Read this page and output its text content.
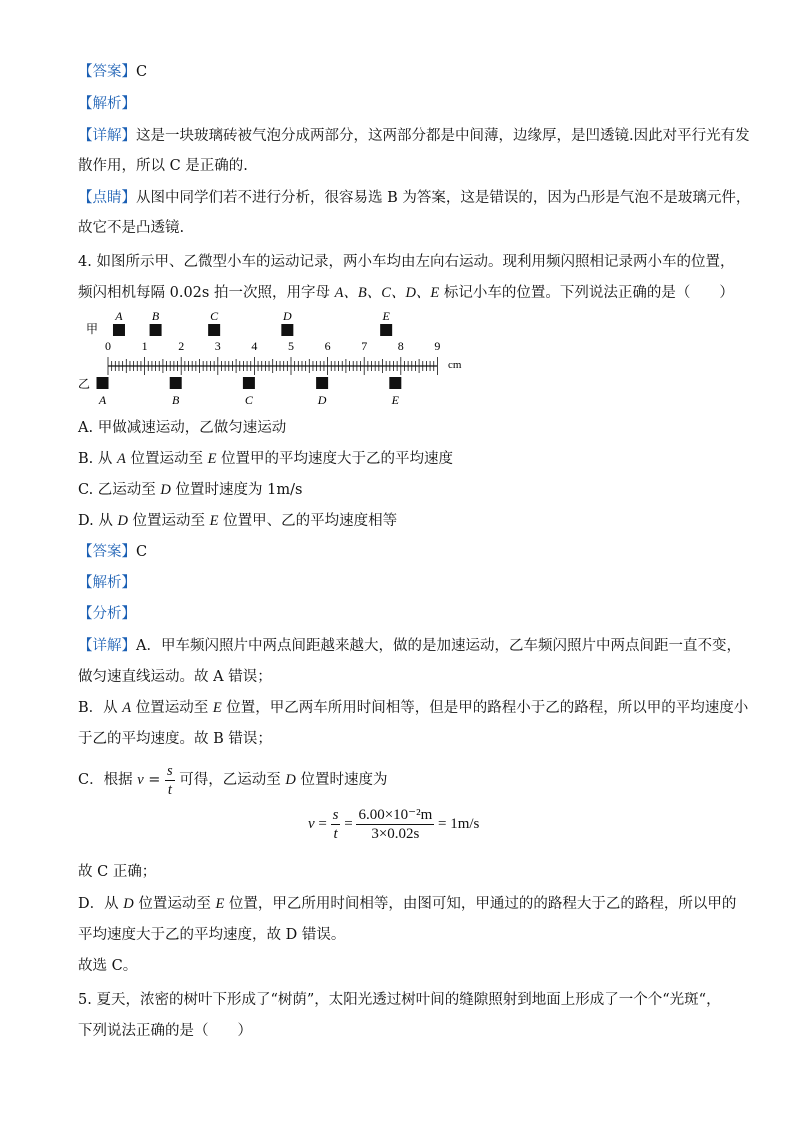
【答案】C
【解析】
【详解】这是一块玻璃砖被气泡分成两部分，这两部分都是中间薄，边缘厚，是凹透镜.因此对平行光有发
散作用，所以 C 是正确的.
【点睛】从图中同学们若不进行分析，很容易选 B 为答案，这是错误的，因为凸形是气泡不是玻璃元件，
故它不是凸透镜.
4. 如图所示甲、乙微型小车的运动记录，两小车均由左向右运动。现利用频闪照相记录两小车的位置，
频闪相机每隔 0.02s 拍一次照，用字母 A、B、C、D、E 标记小车的位置。下列说法正确的是（　　）
A B	C	D	E
甲
0	1	2	3	4	5	6	7	8	9
cm
乙
A	B	C	D	E
A. 甲做减速运动，乙做匀速运动
B. 从 A 位置运动至 E 位置甲的平均速度大于乙的平均速度
C. 乙运动至 D 位置时速度为 1m/s
D. 从 D 位置运动至 E 位置甲、乙的平均速度相等
【答案】C
【解析】
【分析】
【详解】A．甲车频闪照片中两点间距越来越大，做的是加速运动，乙车频闪照片中两点间距一直不变，
做匀速直线运动。故 A 错误；
B．从 A 位置运动至 E 位置，甲乙两车所用时间相等，但是甲的路程小于乙的路程，所以甲的平均速度小
于乙的平均速度。故 B 错误；
C．根据 $v = \frac{s}{t}$ 可得，乙运动至 D 位置时速度为
$v = \frac{s}{t} = \frac{\text{6.00×10⁻²m}}{3\times 0.02s} = 1m/s$
故 C 正确；
D．从 D 位置运动至 E 位置，甲乙所用时间相等，由图可知，甲通过的的路程大于乙的路程，所以甲的
平均速度大于乙的平均速度，故 D 错误。
故选 C。
5. 夏天，浓密的树叶下形成了“树荫”，太阳光透过树叶间的缝隙照射到地面上形成了一个个“光斑“，
下列说法正确的是（　　）
